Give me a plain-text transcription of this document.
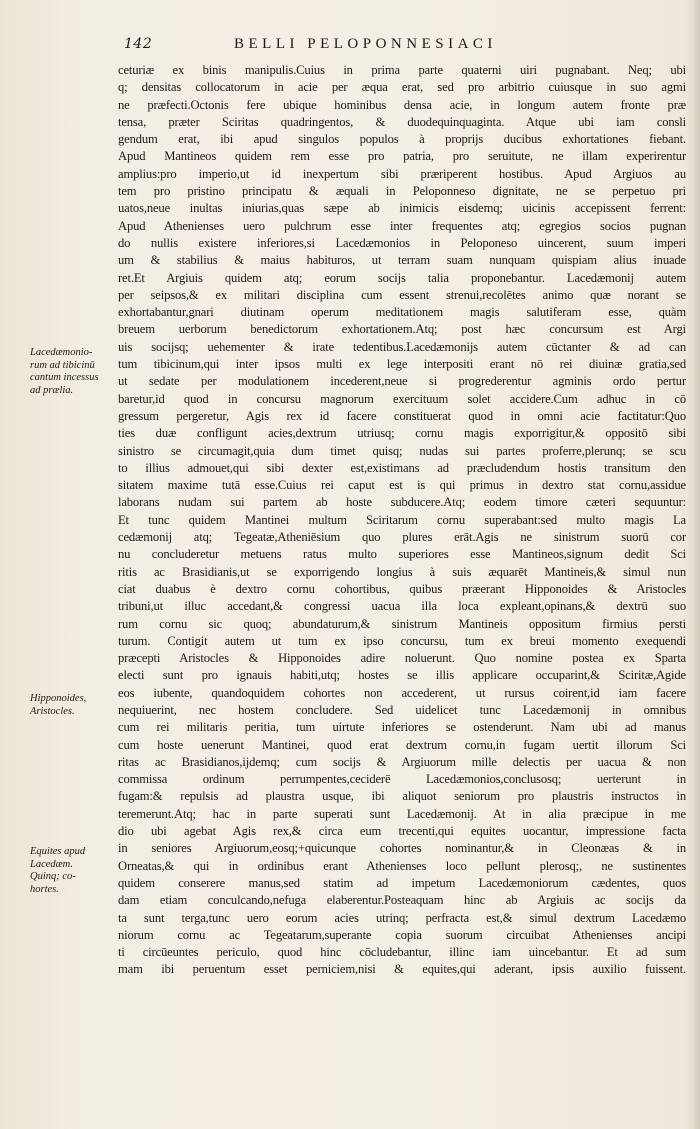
142	BELLI PELOPONNESIACI
ceturiæ ex binis manipulis.Cuius in prima parte quaterni uiri pugnabant. Neq; ubi
q; densitas collocatorum in acie per æqua erat, sed pro arbitrio cuiusque in suo agmi
ne præfecti.Octonis fere ubique hominibus densa acie, in longum autem fronte præ
tensa, præter Sciritas quadringentos, & duodequinquaginta. Atque ubi iam consli
gendum erat, ibi apud singulos populos à proprijs ducibus exhortationes fiebant.
Apud Mantineos quidem rem esse pro patria, pro seruitute, ne illam experirentur
amplius:pro imperio,ut id inexpertum sibi præriperent hostibus. Apud Argiuos au
tem pro pristino principatu & æquali in Peloponneso dignitate, ne se perpetuo pri
uatos,neue inultas iniurias,quas sæpe ab inimicis eisdemq; uicinis accepissent ferrent:
Apud Athenienses uero pulchrum esse inter frequentes atq; egregios socios pugnan
do nullis existere inferiores,si Lacedæmonios in Peloponeso uincerent, suum imperi
um & stabilius & maius habituros, ut terram suam nunquam quispiam alius inuade
ret.Et Argiuis quidem atq; eorum socijs talia proponebantur. Lacedæmonij autem
per seipsos,& ex militari disciplina cum essent strenui,recolētes animo quæ norant se
exhortabantur,gnari diutinam operum meditationem magis salutiferam esse, quàm
breuem uerborum benedictorum exhortationem.Atq; post hæc concursum est Argi
uis socijsq; uehementer & irate tedentibus.Lacedæmonijs autem cūctanter & ad can
tum tibicinum,qui inter ipsos multi ex lege interpositi erant nō rei diuinæ gratia,sed
ut sedate per modulationem incederent,neue si progrederentur agminis ordo pertur
baretur,id quod in concursu magnorum exercituum solet accidere.Cum adhuc in cō
gressum pergeretur, Agis rex id facere constituerat quod in omni acie factitatur:Quo
ties duæ confligunt acies,dextrum utriusq; cornu magis exporrigitur,& oppositō sibi
sinistro se circumagit,quia dum timet quisq; nudas sui partes proferre,plerunq; se scu
to illius admouet,qui sibi dexter est,existimans ad præcludendum hostis transitum den
sitatem maxime tutā esse.Cuius rei caput est is qui primus in dextro stat cornu,assidue
laborans nudam sui partem ab hoste subducere.Atq; eodem timore cæteri sequuntur:
Et tunc quidem Mantinei multum Sciritarum cornu superabant:sed multo magis La
cedæmonij atq; Tegeatæ,Atheniēsium quo plures erāt.Agis ne sinistrum suorū cor
nu concluderetur metuens ratus multo superiores esse Mantineos,signum dedit Sci
ritis ac Brasidianis,ut se exporrigendo longius à suis æquarēt Mantineis,& simul nun
ciat duabus è dextro cornu cohortibus, quibus præerant Hipponoides & Aristocles
tribuni,ut illuc accedant,& congressi uacua illa loca expleant,opinans,& dextrū suo
rum cornu sic quoq; abundaturum,& sinistrum Mantineis oppositum firmius persti
turum. Contigit autem ut tum ex ipso concursu, tum ex breui momento exequendi
præcepti Aristocles & Hipponoides adire noluerunt. Quo nomine postea ex Sparta
electi sunt pro ignauis habiti,utq; hostes se illis applicare occuparint,& Sciritæ,Agide
eos iubente, quandoquidem cohortes non accederent, ut rursus coirent,id iam facere
nequiuerint, nec hostem concludere. Sed uidelicet tunc Lacedæmonij in omnibus
cum rei militaris peritia, tum uirtute inferiores se ostenderunt. Nam ubi ad manus
cum hoste uenerunt Mantinei, quod erat dextrum cornu,in fugam uertit illorum Sci
ritas ac Brasidianos,ijdemq; cum socijs & Argiuorum mille delectis per uacua & non
commissa ordinum perrumpentes,ceciderē Lacedæmonios,conclusosq; uerterunt in
fugam:& repulsis ad plaustra usque, ibi aliquot seniorum pro plaustris instructos in
teremerunt.Atq; hac in parte superati sunt Lacedæmonij. At in alia præcipue in me
dio ubi agebat Agis rex,& circa eum trecenti,qui equites uocantur, impressione facta
in seniores Argiuorum,eosq;+quicunque cohortes nominantur,& in Cleonæas & in
Orneatas,& qui in ordinibus erant Athenienses loco pellunt plerosq;, ne sustinentes
quidem conserere manus,sed statim ad impetum Lacedæmoniorum cædentes, quos
dam etiam conculcando,nefuga elaberentur.Posteaquam hinc ab Argiuis ac socijs da
ta sunt terga,tunc uero eorum acies utrinq; perfracta est,& simul dextrum Lacedæmo
niorum cornu ac Tegeatarum,superante copia suorum circuibat Athenienses ancipi
ti circūeuntes periculo, quod hinc cōcludebantur, illinc iam uincebantur. Et ad sum
mam ibi peruentum esset perniciem,nisi & equites,qui aderant, ipsis auxilio fuissent.
Lacedæmonio-
rum ad tibicinū
cantum incessus
ad prælia.
Hipponoides,
Aristocles.
Equites apud
Lacedæm.
Quinq; co-
hortes.
